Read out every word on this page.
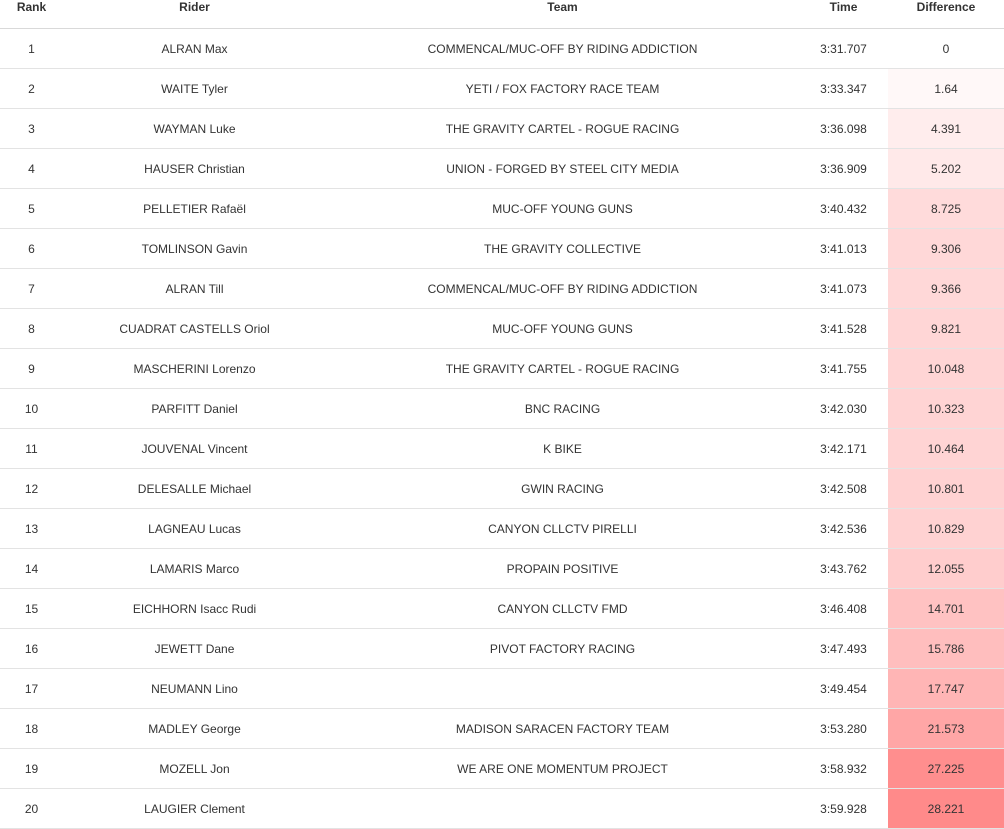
Rank	Rider	Team	Time	Difference
1	ALRAN Max	COMMENCAL/MUC-OFF BY RIDING ADDICTION	3:31.707	0
2	WAITE Tyler	YETI / FOX FACTORY RACE TEAM	3:33.347	1.64
3	WAYMAN Luke	THE GRAVITY CARTEL - ROGUE RACING	3:36.098	4.391
4	HAUSER Christian	UNION - FORGED BY STEEL CITY MEDIA	3:36.909	5.202
5	PELLETIER Rafaël	MUC-OFF YOUNG GUNS	3:40.432	8.725
6	TOMLINSON Gavin	THE GRAVITY COLLECTIVE	3:41.013	9.306
7	ALRAN Till	COMMENCAL/MUC-OFF BY RIDING ADDICTION	3:41.073	9.366
8	CUADRAT CASTELLS Oriol	MUC-OFF YOUNG GUNS	3:41.528	9.821
9	MASCHERINI Lorenzo	THE GRAVITY CARTEL - ROGUE RACING	3:41.755	10.048
10	PARFITT Daniel	BNC RACING	3:42.030	10.323
11	JOUVENAL Vincent	K BIKE	3:42.171	10.464
12	DELESALLE Michael	GWIN RACING	3:42.508	10.801
13	LAGNEAU Lucas	CANYON CLLCTV PIRELLI	3:42.536	10.829
14	LAMARIS Marco	PROPAIN POSITIVE	3:43.762	12.055
15	EICHHORN Isacc Rudi	CANYON CLLCTV FMD	3:46.408	14.701
16	JEWETT Dane	PIVOT FACTORY RACING	3:47.493	15.786
17	NEUMANN Lino		3:49.454	17.747
18	MADLEY George	MADISON SARACEN FACTORY TEAM	3:53.280	21.573
19	MOZELL Jon	WE ARE ONE MOMENTUM PROJECT	3:58.932	27.225
20	LAUGIER Clement		3:59.928	28.221
